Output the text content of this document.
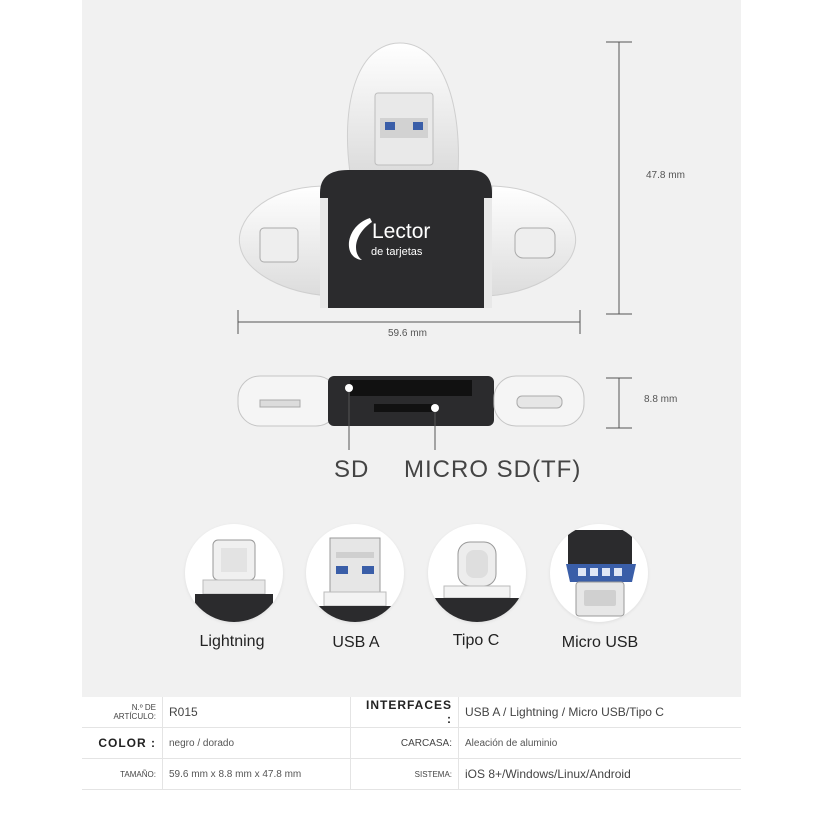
Lector
de tarjetas
47.8 mm
59.6 mm
8.8 mm
SD MICRO SD(TF)
Lightning	USB A	Tipo C	Micro USB
N.º DE ARTÍCULO:	R015	INTERFACES :	USB A / Lightning / Micro USB/Tipo C
COLOR :	negro / dorado	CARCASA:	Aleación de aluminio
TAMAÑO:	59.6 mm x 8.8 mm x 47.8 mm	SISTEMA:	iOS 8+/Windows/Linux/Android
